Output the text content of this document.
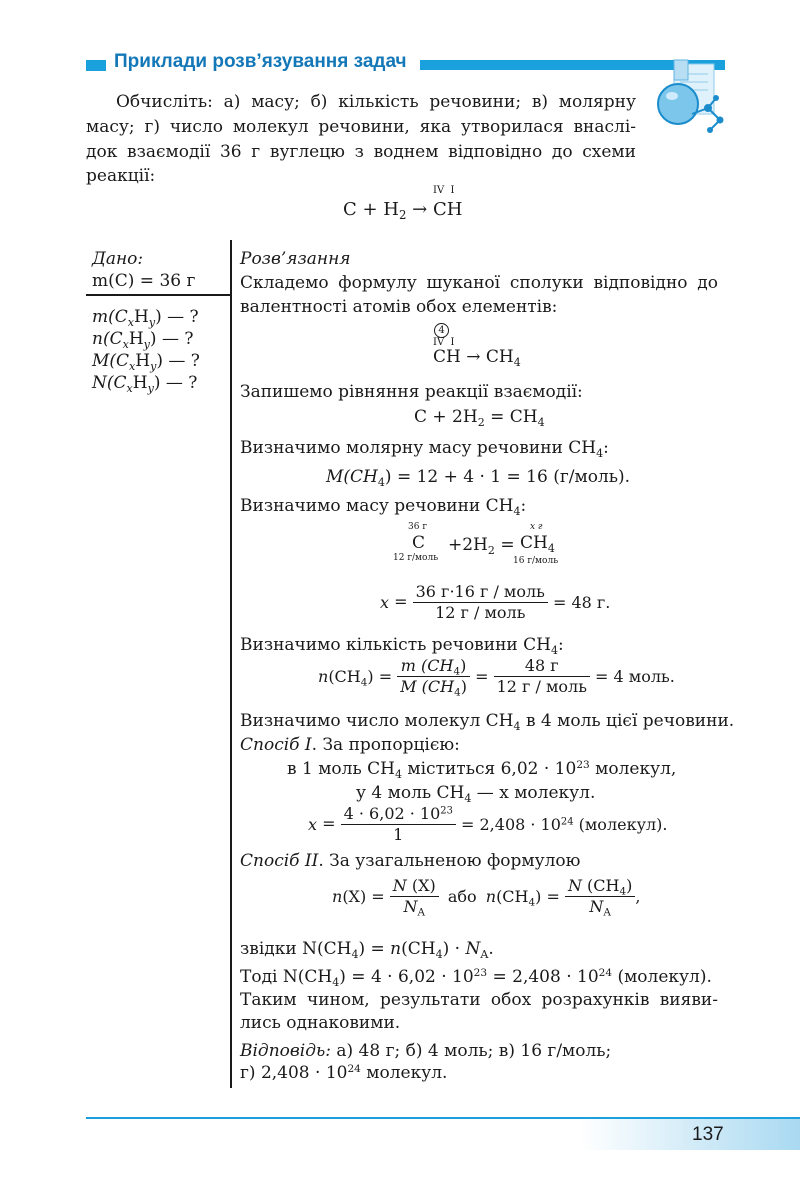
Приклади розв’язування задач
Обчисліть: а) масу; б) кількість речовини; в) молярну
масу; г) число молекул речовини, яка утворилася внаслі-
док взаємодії 36 г вуглецю з воднем відповідно до схеми
реакції:
IV  I
$C + H_2$ → CH
Дано:
m(C) = 36 г
$m(C_xH_y)$ — ?
$n(C_xH_y)$ — ?
$M(C_xH_y)$ — ?
$N(C_xH_y)$ — ?
Розв’язання
Складемо формулу шуканої сполуки відповідно до
валентності атомів обох елементів:
4
IV  I
CH → $CH_4$
Запишемо рівняння реакції взаємодії:
$C + 2H_2 = CH_4$
Визначимо молярну масу речовини $CH_4$:
$M(CH_4) = 12 + 4 \cdot 1 = 16$ (г/моль).
Визначимо масу речовини $CH_4$:
36 г
C
12 г/моль
$+2H_2$ =
x г
$CH_4$
16 г/моль
$x = \frac{\text{36 г·16 г / моль}}{\text{12 г / моль}} = 48$ г.
Визначимо кількість речовини $CH_4$:
$n(CH_4) = \frac{m (CH_4)}{M (CH_4)} = \frac{48 г}{\text{12 г / моль}} = 4$ моль.
Визначимо число молекул $CH_4$ в 4 моль цієї речовини.
Спосіб I. За пропорцією:
в 1 моль $CH_4$ міститься $6,02 \cdot 10^{23}$ молекул,
у 4 моль $CH_4$ — x молекул.
$x = \frac{4 \cdot 6,02 \cdot 10^{23}}{1} = 2,408 \cdot 10^{24}$ (молекул).
Спосіб II. За узагальненою формулою
$n(X) = \frac{N (X)}{N_A}$ або $n(CH_4) = \frac{N (CH_4)}{N_A}$ ,
звідки $N(CH_4) = n(CH_4) \cdot N_A$.
Тоді $N(CH_4) = 4 \cdot 6,02 \cdot 10^{23} = 2,408 \cdot 10^{24}$ (молекул).
Таким чином, результати обох розрахунків вияви-
лись однаковими.
Відповідь: а) 48 г; б) 4 моль; в) 16 г/моль;
г) $2,408 \cdot 10^{24}$ молекул.
137
